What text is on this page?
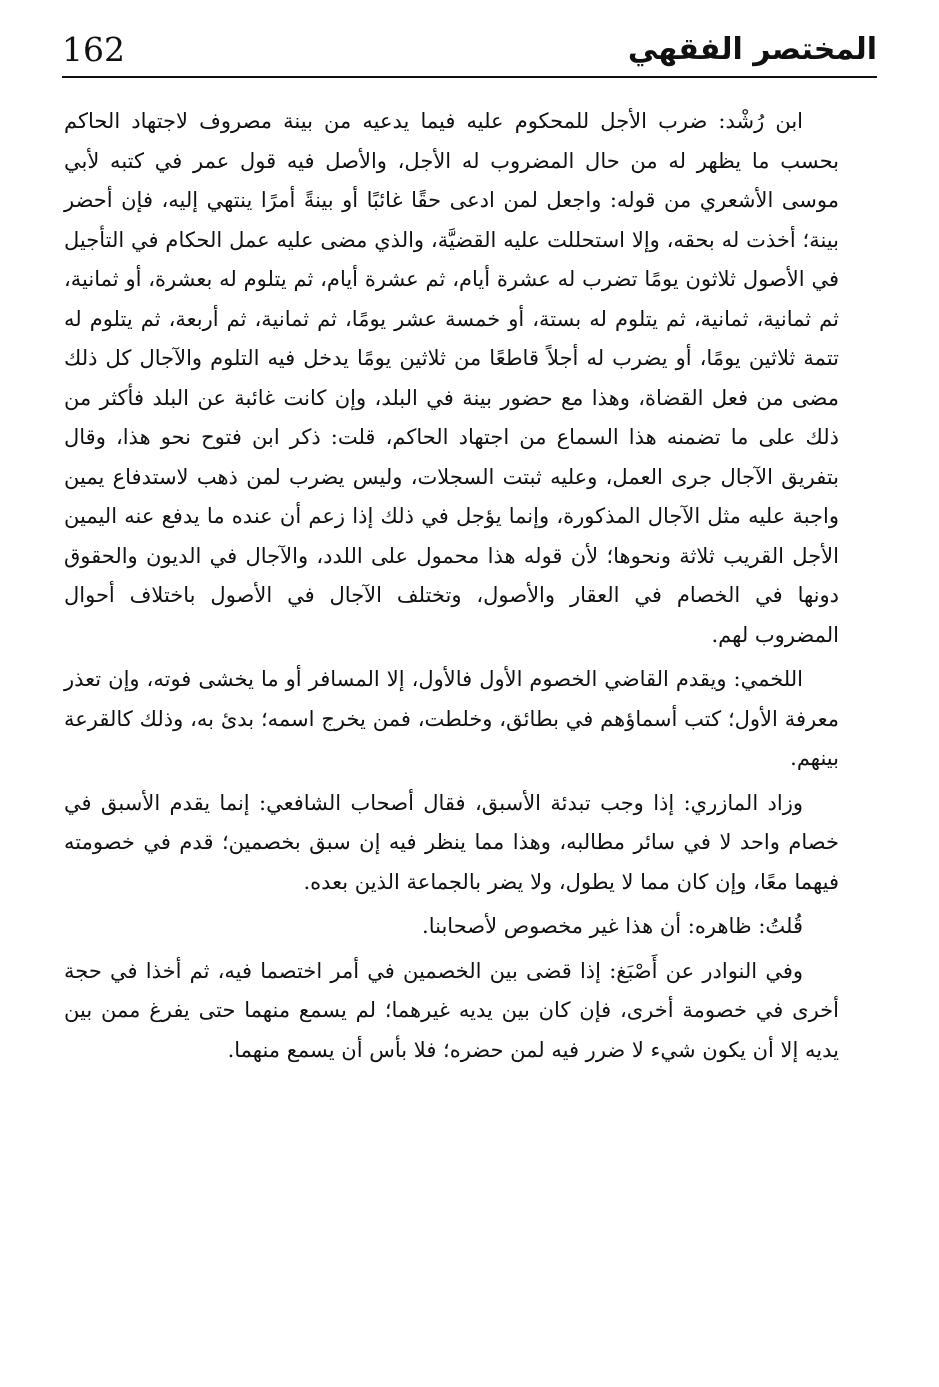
162	المختصر الفقهي

ابن رُشْد: ضرب الأجل للمحكوم عليه فيما يدعيه من بينة مصروف لاجتهاد الحاكم بحسب ما يظهر له من حال المضروب له الأجل، والأصل فيه قول عمر في كتبه لأبي موسى الأشعري من قوله: واجعل لمن ادعى حقًا غائبًا أو بينةً أمرًا ينتهي إليه، فإن أحضر بينة؛ أخذت له بحقه، وإلا استحللت عليه القضيَّة، والذي مضى عليه عمل الحكام في التأجيل في الأصول ثلاثون يومًا تضرب له عشرة أيام، ثم عشرة أيام، ثم يتلوم له بعشرة، أو ثمانية، ثم ثمانية، ثمانية، ثم يتلوم له بستة، أو خمسة عشر يومًا، ثم ثمانية، ثم أربعة، ثم يتلوم له تتمة ثلاثين يومًا، أو يضرب له أجلاً قاطعًا من ثلاثين يومًا يدخل فيه التلوم والآجال كل ذلك مضى من فعل القضاة، وهذا مع حضور بينة في البلد، وإن كانت غائبة عن البلد فأكثر من ذلك على ما تضمنه هذا السماع من اجتهاد الحاكم، قلت: ذكر ابن فتوح نحو هذا، وقال بتفريق الآجال جرى العمل، وعليه ثبتت السجلات، وليس يضرب لمن ذهب لاستدفاع يمين واجبة عليه مثل الآجال المذكورة، وإنما يؤجل في ذلك إذا زعم أن عنده ما يدفع عنه اليمين الأجل القريب ثلاثة ونحوها؛ لأن قوله هذا محمول على اللدد، والآجال في الديون والحقوق دونها في الخصام في العقار والأصول، وتختلف الآجال في الأصول باختلاف أحوال المضروب لهم.

اللخمي: ويقدم القاضي الخصوم الأول فالأول، إلا المسافر أو ما يخشى فوته، وإن تعذر معرفة الأول؛ كتب أسماؤهم في بطائق، وخلطت، فمن يخرج اسمه؛ بدئ به، وذلك كالقرعة بينهم.

وزاد المازري: إذا وجب تبدئة الأسبق، فقال أصحاب الشافعي: إنما يقدم الأسبق في خصام واحد لا في سائر مطالبه، وهذا مما ينظر فيه إن سبق بخصمين؛ قدم في خصومته فيهما معًا، وإن كان مما لا يطول، ولا يضر بالجماعة الذين بعده.

قُلتُ: ظاهره: أن هذا غير مخصوص لأصحابنا.

وفي النوادر عن أَصْبَغ: إذا قضى بين الخصمين في أمر اختصما فيه، ثم أخذا في حجة أخرى في خصومة أخرى، فإن كان بين يديه غيرهما؛ لم يسمع منهما حتى يفرغ ممن بين يديه إلا أن يكون شيء لا ضرر فيه لمن حضره؛ فلا بأس أن يسمع منهما.
